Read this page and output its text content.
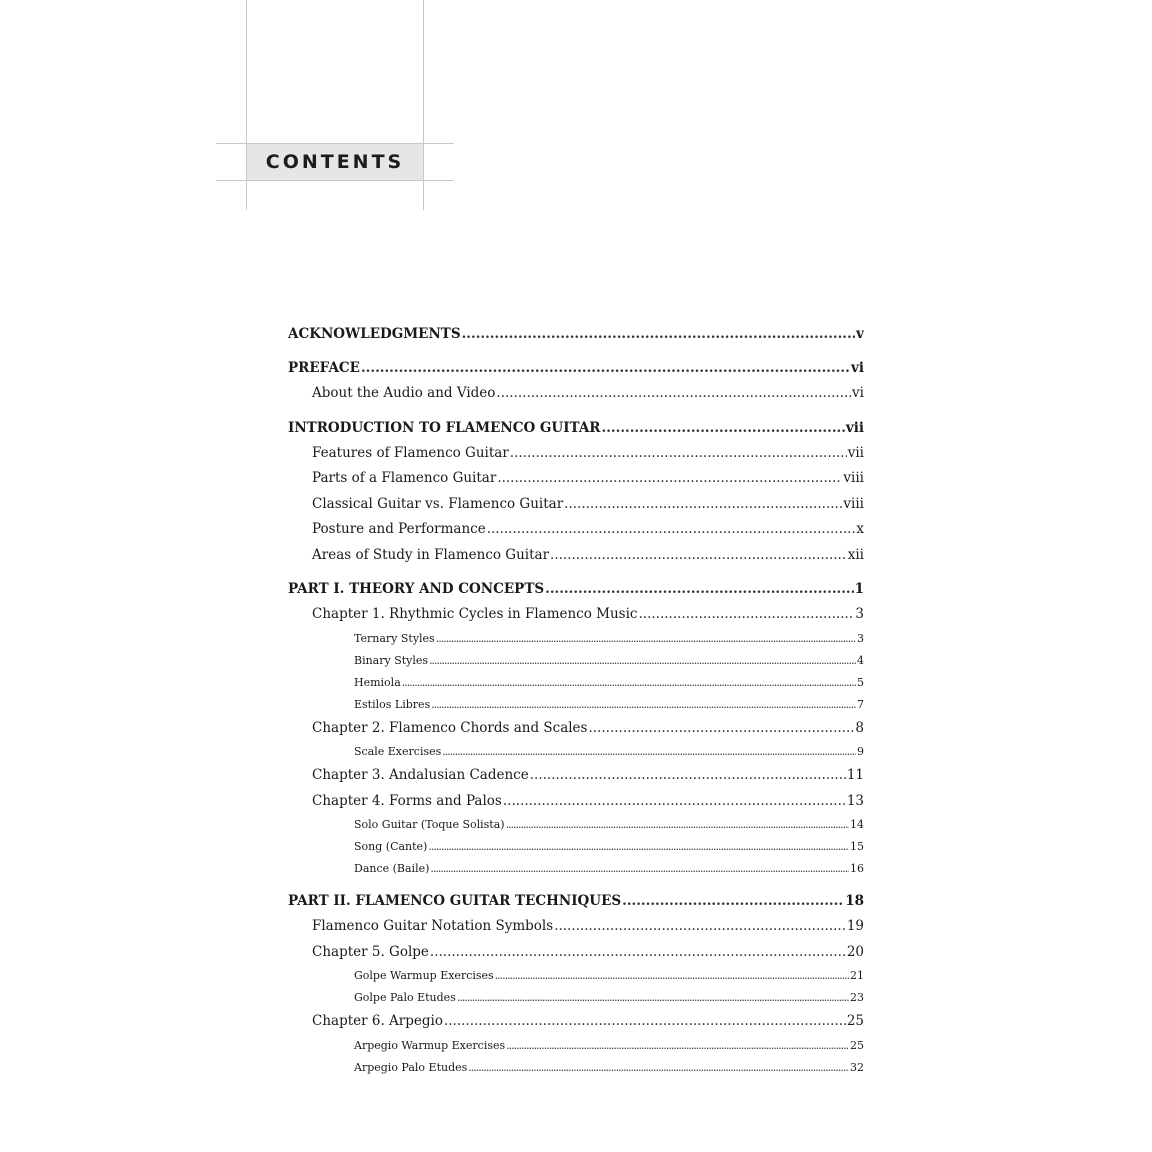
CONTENTS
ACKNOWLEDGMENTS .....	v
PREFACE .....	vi
About the Audio and Video .....	vi
INTRODUCTION TO FLAMENCO GUITAR .....	vii
Features of Flamenco Guitar .....	vii
Parts of a Flamenco Guitar .....	viii
Classical Guitar vs. Flamenco Guitar .....	viii
Posture and Performance .....	x
Areas of Study in Flamenco Guitar .....	xii
PART I. THEORY AND CONCEPTS .....	1
Chapter 1. Rhythmic Cycles in Flamenco Music .....	3
Ternary Styles .....	3
Binary Styles .....	4
Hemiola .....	5
Estilos Libres .....	7
Chapter 2. Flamenco Chords and Scales .....	8
Scale Exercises .....	9
Chapter 3. Andalusian Cadence .....	11
Chapter 4. Forms and Palos .....	13
Solo Guitar (Toque Solista) .....	14
Song (Cante) .....	15
Dance (Baile) .....	16
PART II. FLAMENCO GUITAR TECHNIQUES .....	18
Flamenco Guitar Notation Symbols .....	19
Chapter 5. Golpe .....	20
Golpe Warmup Exercises .....	21
Golpe Palo Etudes .....	23
Chapter 6. Arpegio .....	25
Arpegio Warmup Exercises .....	25
Arpegio Palo Etudes .....	32
